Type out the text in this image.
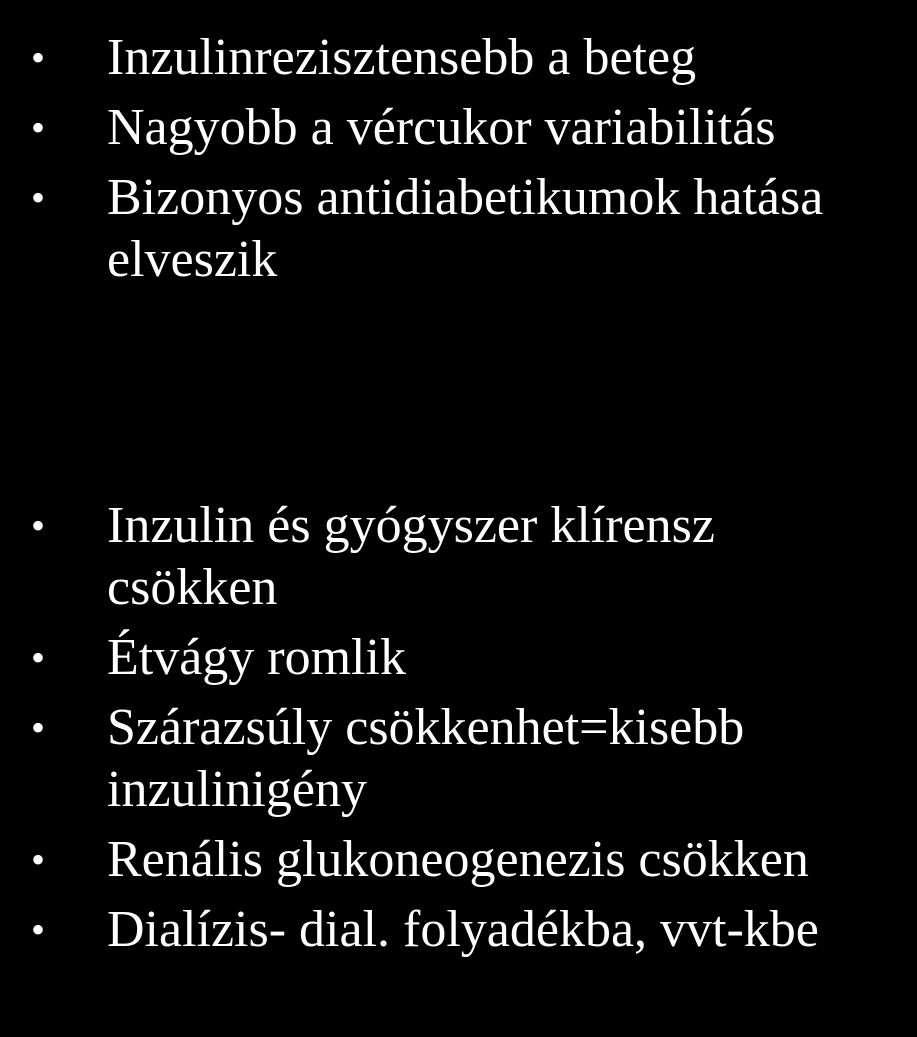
• Inzulinrezisztensebb a beteg
• Nagyobb a vércukor variabilitás
• Bizonyos antidiabetikumok hatása elveszik
• Inzulin és gyógyszer klírensz csökken
• Étvágy romlik
• Szárazsúly csökkenhet=kisebb inzulinigény
• Renális glukoneogenezis csökken
• Dialízis- dial. folyadékba, vvt-kbe
